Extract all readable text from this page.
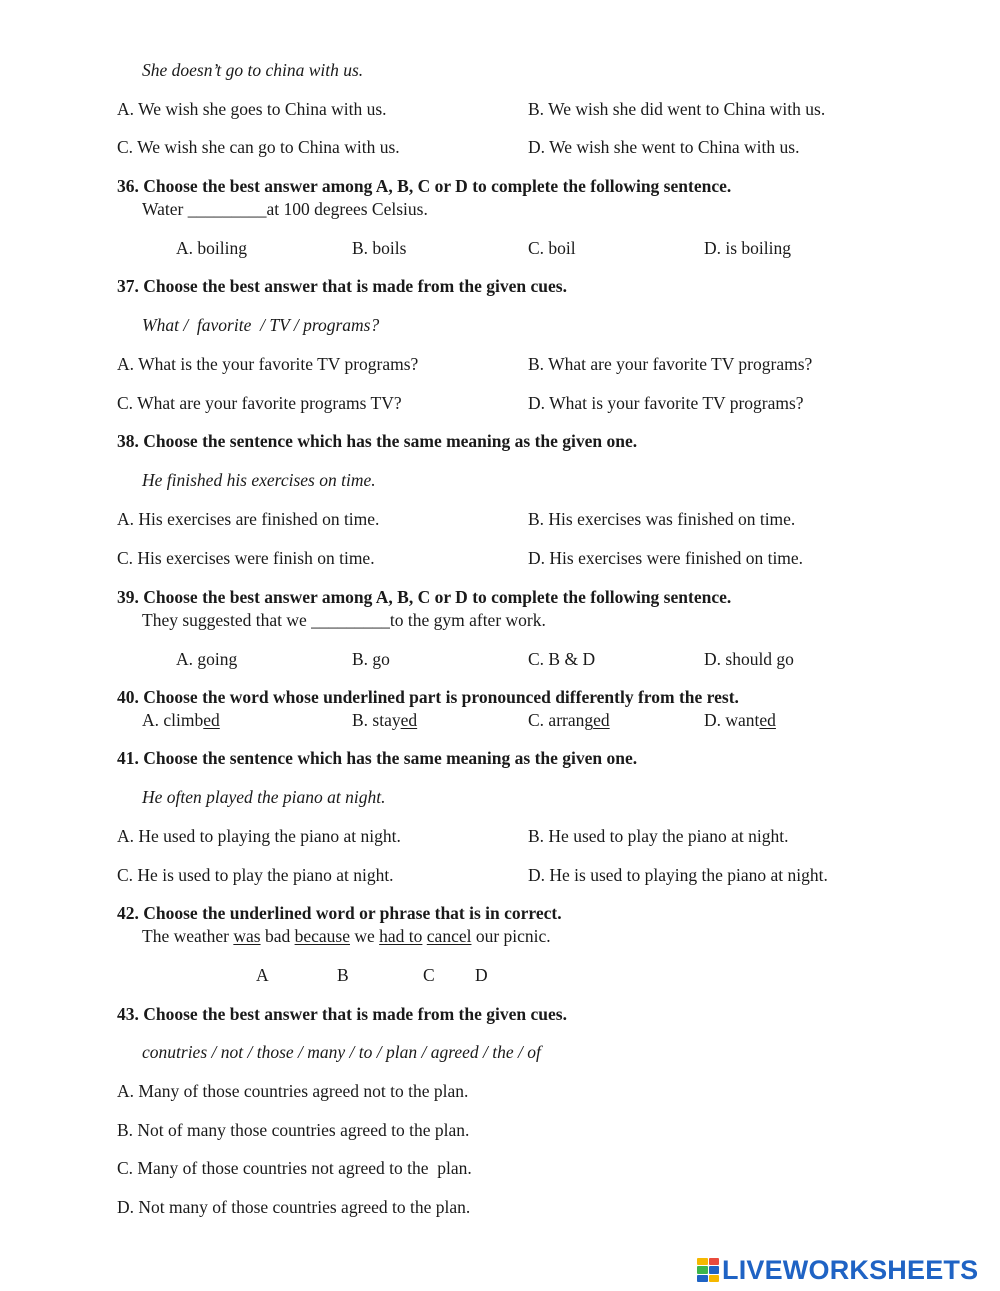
She doesn’t go to china with us.
A. We wish she goes to China with us.	B. We wish she did went to China with us.
C. We wish she can go to China with us.	D. We wish she went to China with us.
36. Choose the best answer among A, B, C or D to complete the following sentence.
Water _________at 100 degrees Celsius.
A. boiling	B. boils	C. boil	D. is boiling
37. Choose the best answer that is made from the given cues.
What /  favorite  / TV / programs?
A. What is the your favorite TV programs?	B. What are your favorite TV programs?
C. What are your favorite programs TV?	D. What is your favorite TV programs?
38. Choose the sentence which has the same meaning as the given one.
He finished his exercises on time.
A. His exercises are finished on time.	B. His exercises was finished on time.
C. His exercises were finish on time.	D. His exercises were finished on time.
39. Choose the best answer among A, B, C or D to complete the following sentence.
They suggested that we _________to the gym after work.
A. going	B. go	C. B & D	D. should go
40. Choose the word whose underlined part is pronounced differently from the rest.
A. climbed	B. stayed	C. arranged	D. wanted
41. Choose the sentence which has the same meaning as the given one.
He often played the piano at night.
A. He used to playing the piano at night.	B. He used to play the piano at night.
C. He is used to play the piano at night.	D. He is used to playing the piano at night.
42. Choose the underlined word or phrase that is in correct.
The weather was bad because we had to cancel our picnic.
A	B	C D
43. Choose the best answer that is made from the given cues.
conutries / not / those / many / to / plan / agreed / the / of
A. Many of those countries agreed not to the plan.
B. Not of many those countries agreed to the plan.
C. Many of those countries not agreed to the  plan.
D. Not many of those countries agreed to the plan.
LIVEWORKSHEETS
